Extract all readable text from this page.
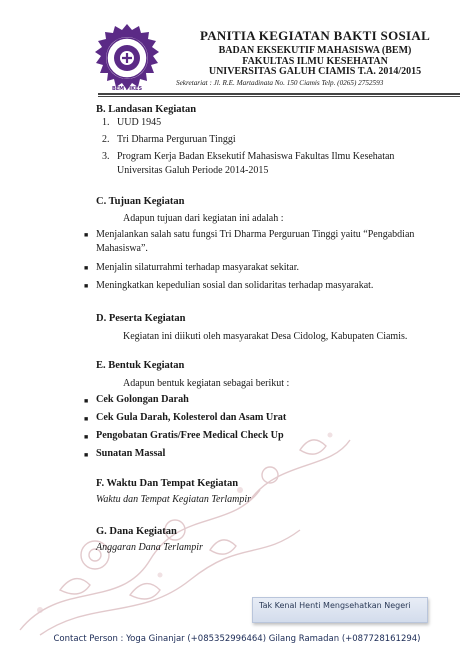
BEM FIKES
PANITIA KEGIATAN BAKTI SOSIAL
BADAN EKSEKUTIF MAHASISWA (BEM)
FAKULTAS ILMU KESEHATAN
UNIVERSITAS GALUH CIAMIS T.A. 2014/2015
Sekretariat : Jl. R.E. Martadinata No. 150 Ciamis Telp. (0265) 2752593
B. Landasan Kegiatan
1. UUD 1945
2. Tri Dharma Perguruan Tinggi
3. Program Kerja Badan Eksekutif Mahasiswa Fakultas Ilmu Kesehatan
Universitas Galuh Periode 2014-2015
C. Tujuan Kegiatan
Adapun tujuan dari kegiatan ini adalah :
■ Menjalankan salah satu fungsi Tri Dharma Perguruan Tinggi yaitu “Pengabdian
Mahasiswa”.
■ Menjalin silaturrahmi terhadap masyarakat sekitar.
■ Meningkatkan kepedulian sosial dan solidaritas terhadap masyarakat.
D. Peserta Kegiatan
Kegiatan ini diikuti oleh masyarakat Desa Cidolog, Kabupaten Ciamis.
E. Bentuk Kegiatan
Adapun bentuk kegiatan sebagai berikut :
■ Cek Golongan Darah
■ Cek Gula Darah, Kolesterol dan Asam Urat
■ Pengobatan Gratis/Free Medical Check Up
■ Sunatan Massal
F. Waktu Dan Tempat Kegiatan
Waktu dan Tempat Kegiatan Terlampir
G. Dana Kegiatan
Anggaran Dana Terlampir
Tak Kenal Henti Mengsehatkan Negeri
Contact Person : Yoga Ginanjar (+085352996464) Gilang Ramadan (+087728161294)
